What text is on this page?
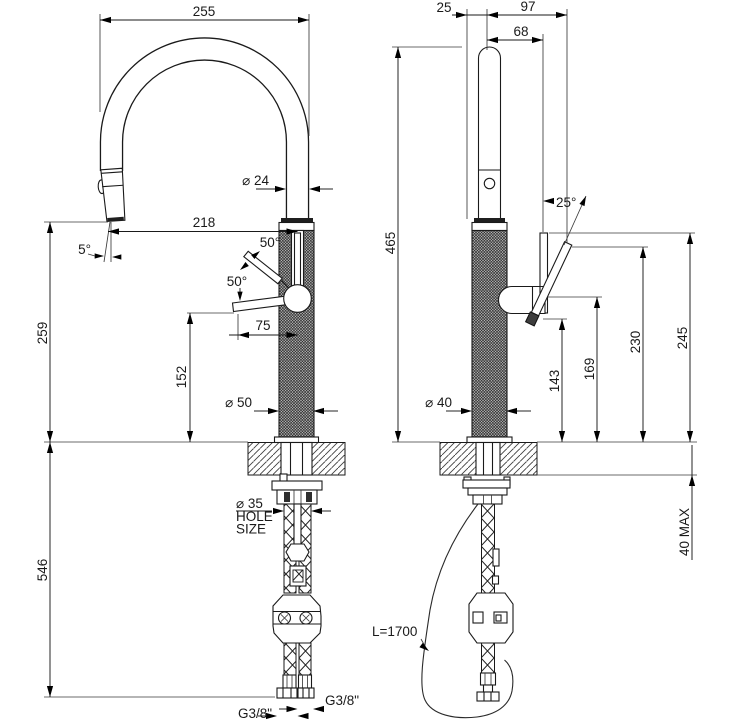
255
⌀ 24
218
5°
259
50°
50°
75
152
⌀ 50
546
⌀ 35
HOLE
SIZE
G3/8"
G3/8"
25	97
68
465
25°
143
169
230 245
⌀ 40
40 MAX
L=1700
